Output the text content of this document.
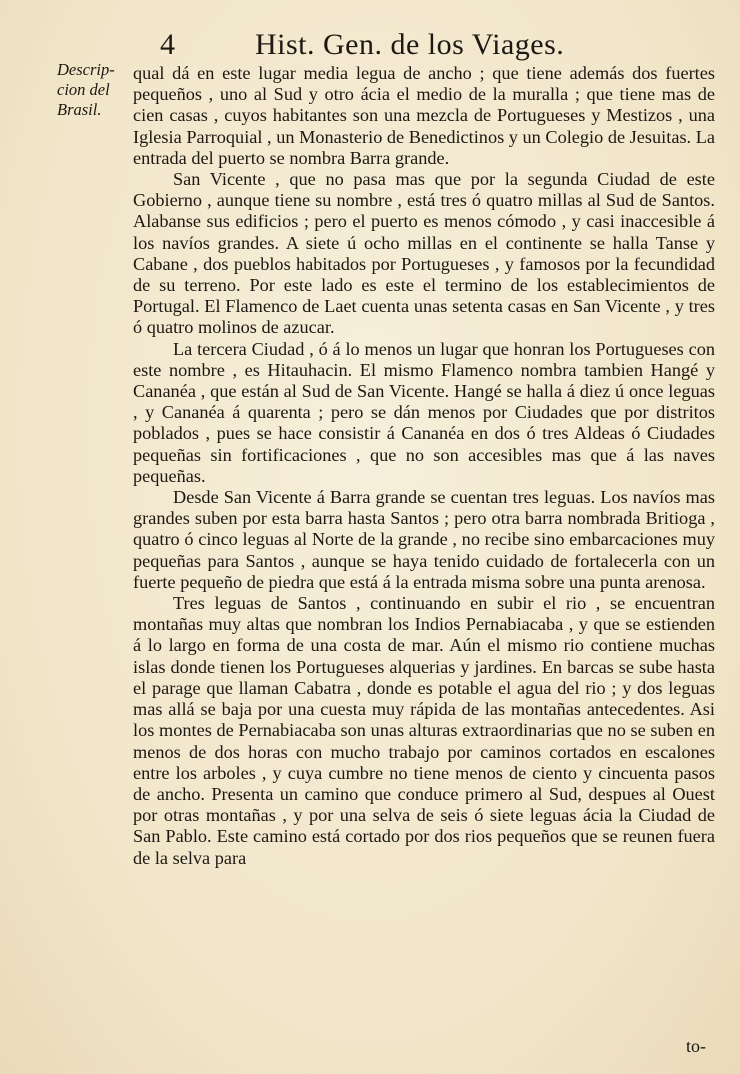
4	Hist. Gen. de los Viages.
Descrip-
cion del
Brasil.

qual dá en este lugar media legua de ancho ; que tiene además dos fuertes pequeños , uno al Sud y otro ácia el medio de la muralla ; que tiene mas de cien casas , cuyos habitantes son una mezcla de Portugueses y Mestizos , una Iglesia Parroquial , un Monasterio de Benedictinos y un Colegio de Jesuitas. La entrada del puerto se nombra Barra grande.

San Vicente , que no pasa mas que por la segunda Ciudad de este Gobierno , aunque tiene su nombre , está tres ó quatro millas al Sud de Santos. Alabanse sus edificios ; pero el puerto es menos cómodo , y casi inaccesible á los navíos grandes. A siete ú ocho millas en el continente se halla Tanse y Cabane , dos pueblos habitados por Portugueses , y famosos por la fecundidad de su terreno. Por este lado es este el termino de los establecimientos de Portugal. El Flamenco de Laet cuenta unas setenta casas en San Vicente , y tres ó quatro molinos de azucar.

La tercera Ciudad , ó á lo menos un lugar que honran los Portugueses con este nombre , es Hitauhacin. El mismo Flamenco nombra tambien Hangé y Cananéa , que están al Sud de San Vicente. Hangé se halla á diez ú once leguas , y Cananéa á quarenta ; pero se dán menos por Ciudades que por distritos poblados , pues se hace consistir á Cananéa en dos ó tres Aldeas ó Ciudades pequeñas sin fortificaciones , que no son accesibles mas que á las naves pequeñas.

Desde San Vicente á Barra grande se cuentan tres leguas. Los navíos mas grandes suben por esta barra hasta Santos ; pero otra barra nombrada Britioga , quatro ó cinco leguas al Norte de la grande , no recibe sino embarcaciones muy pequeñas para Santos , aunque se haya tenido cuidado de fortalecerla con un fuerte pequeño de piedra que está á la entrada misma sobre una punta arenosa.

Tres leguas de Santos , continuando en subir el rio , se encuentran montañas muy altas que nombran los Indios Pernabiacaba , y que se estienden á lo largo en forma de una costa de mar. Aún el mismo rio contiene muchas islas donde tienen los Portugueses alquerias y jardines. En barcas se sube hasta el parage que llaman Cabatra , donde es potable el agua del rio ; y dos leguas mas allá se baja por una cuesta muy rápida de las montañas antecedentes. Asi los montes de Pernabiacaba son unas alturas extraordinarias que no se suben en menos de dos horas con mucho trabajo por caminos cortados en escalones entre los arboles , y cuya cumbre no tiene menos de ciento y cincuenta pasos de ancho. Presenta un camino que conduce primero al Sud, despues al Ouest por otras montañas , y por una selva de seis ó siete leguas ácia la Ciudad de San Pablo. Este camino está cortado por dos rios pequeños que se reunen fuera de la selva para

to-
